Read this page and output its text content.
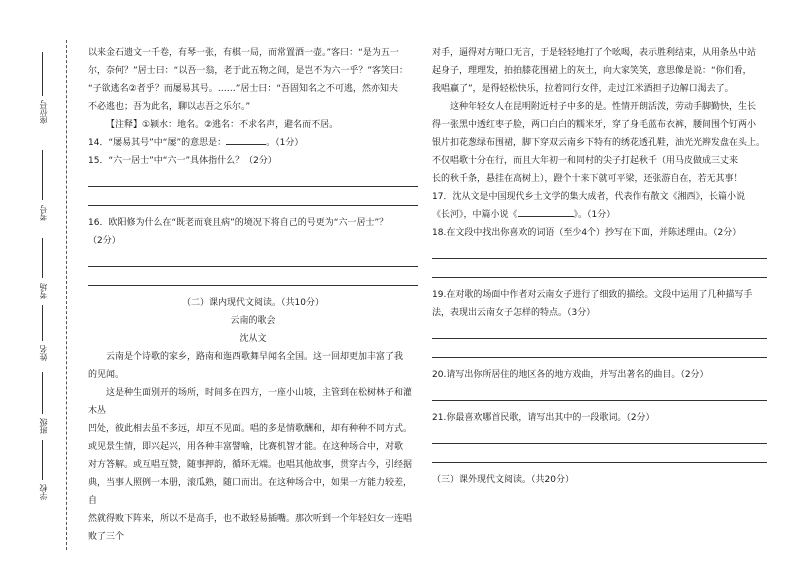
座位号
考号
考场
姓名
班级
学校

以来金石遗文一千卷，有琴一张，有棋一局，而常置酒一壶。”客曰：“是为五一

尔，奈何？”居士曰：“以吾一翁，老于此五物之间，是岂不为六一乎？”客笑曰：

“子欲逃名②者乎？而屡易其号。……”居士曰：“吾固知名之不可逃，然亦知夫

不必逃也；吾为此名，聊以志吾之乐尔。”

【注释】①颍水：地名。②逃名：不求名声，避名而不居。

14．“屡易其号”中“屡”的意思是：	。（1分）

15．“六一居士”中“六一”具体指什么？（2分）

16．欧阳修为什么在“既老而衰且病”的境况下将自己的号更为“六一居士”？

（2分）

（二）课内现代文阅读。（共10分）

云南的歌会

沈从文

云南是个诗歌的家乡，路南和迤西歌舞早闻名全国。这一回却更加丰富了我

的见闻。

这是种生面别开的场所，时间多在四方，一座小山坡，主管到在松树林子和灌木丛

凹处，彼此相去虽不多远，却互不见面。唱的多是情歌酬和，却有种种不同方式。

或见景生情，即兴起兴，用各种丰富譬喻，比赛机智才能。在这种场合中，对歌

对方答解。或互唱互赞，随事押韵，循环无端。也唱其他故事，贯穿古今，引经据

典，当事人照例一本册，滚瓜熟，随口而出。在这种场合中，如果一方能力较差，自

然就得败下阵来，所以不是高手，也不敢轻易插嘴。那次听到一个年轻妇女一连唱败了三个

对手，逼得对方哑口无言，于是轻轻地打了个吆喝，表示胜利结束，从用条丛中站

起身子，理理发，拍拍膝花围裙上的灰土，向大家笑笑，意思像是说：“你们看，

我唱赢了”，是得轻松快乐，拉着同行女伴，走过江米酒担子边解口渴去了。

这种年轻女人在昆明附近村子中多的是。性情开朗活泼，劳动手脚勤快，生长

得一张黑中透红枣子脸，两口白白的糯米牙，穿了身毛蓝布衣裤，腰间围个钉两小

银片扣花葱绿布围裙，脚下穿双云南乡下特有的绣花透孔鞋，油光光辫发盘在头上。

不仅唱歌十分在行，而且大年初一和同村的尖子打起秋千（用马皮做成三丈来

长的秋千条，悬挂在高树上），蹬个十来下就可平梁，还张游自在，若无其事！

17．沈从文是中国现代乡土文学的集大成者，代表作有散文《湘西》，长篇小说

《长河》，中篇小说《	》。（1分）

18.在文段中找出你喜欢的词语（至少4个）抄写在下面，并陈述理由。（2分）

19.在对歌的场面中作者对云南女子进行了细致的描绘。文段中运用了几种描写手

法，表现出云南女子怎样的特点。（3分）

20.请写出你所居住的地区各的地方戏曲，并写出著名的曲目。（2分）

21.你最喜欢哪首民歌，请写出其中的一段歌词。（2分）

（三）课外现代文阅读。（共20分）
